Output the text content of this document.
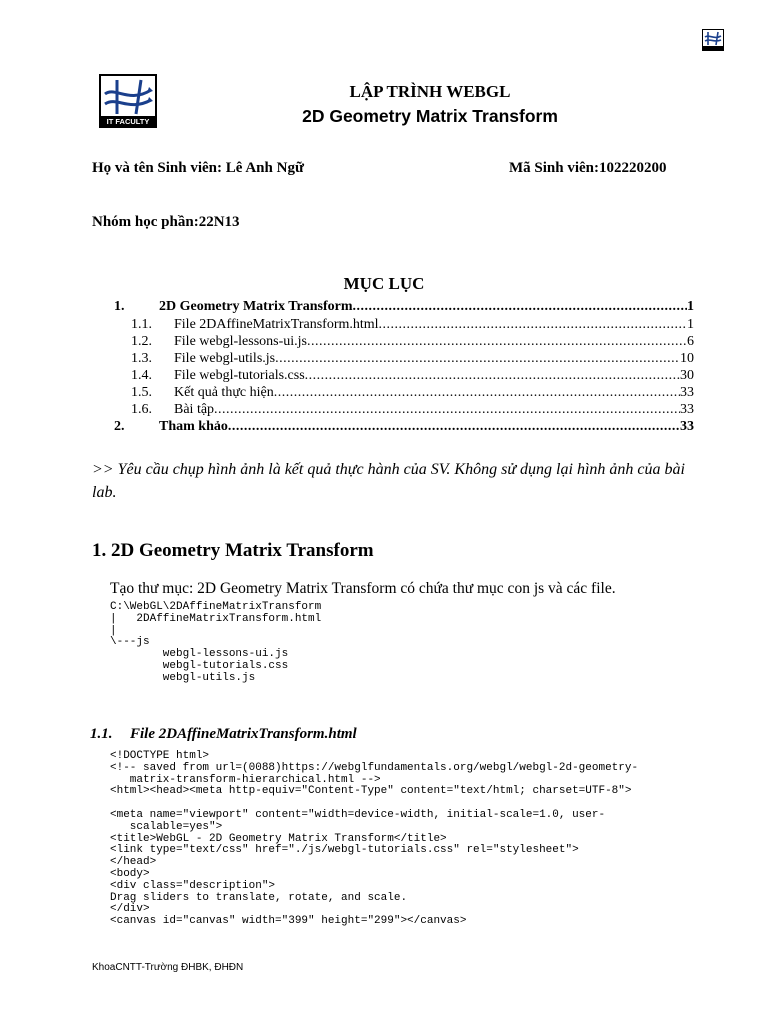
IT FACULTY
LẬP TRÌNH WEBGL
2D Geometry Matrix Transform
Họ và tên Sinh viên: Lê Anh Ngữ	Mã Sinh viên:102220200
Nhóm học phần:22N13
MỤC LỤC
1.	2D Geometry Matrix Transform .....	1
1.1.	File 2DAffineMatrixTransform.html .....	1
1.2.	File webgl-lessons-ui.js .....	6
1.3.	File webgl-utils.js .....	10
1.4.	File webgl-tutorials.css .....	30
1.5.	Kết quả thực hiện .....	33
1.6.	Bài tập .....	33
2.	Tham khảo .....	33
>> Yêu cầu chụp hình ảnh là kết quả thực hành của SV. Không sử dụng lại hình ảnh của bài lab.
1. 2D Geometry Matrix Transform
Tạo thư mục: 2D Geometry Matrix Transform có chứa thư mục con js và các file.
C:\WebGL\2DAffineMatrixTransform
|   2DAffineMatrixTransform.html
|
\---js
webgl-lessons-ui.js
webgl-tutorials.css
webgl-utils.js
1.1. File 2DAffineMatrixTransform.html
<!DOCTYPE html>
<!-- saved from url=(0088)https://webglfundamentals.org/webgl/webgl-2d-geometry-
matrix-transform-hierarchical.html -->
<html><head><meta http-equiv="Content-Type" content="text/html; charset=UTF-8">

<meta name="viewport" content="width=device-width, initial-scale=1.0, user-
scalable=yes">
<title>WebGL - 2D Geometry Matrix Transform</title>
<link type="text/css" href="./js/webgl-tutorials.css" rel="stylesheet">
</head>
<body>
<div class="description">
Drag sliders to translate, rotate, and scale.
</div>
<canvas id="canvas" width="399" height="299"></canvas>
KhoaCNTT-Trường ĐHBK, ĐHĐN
